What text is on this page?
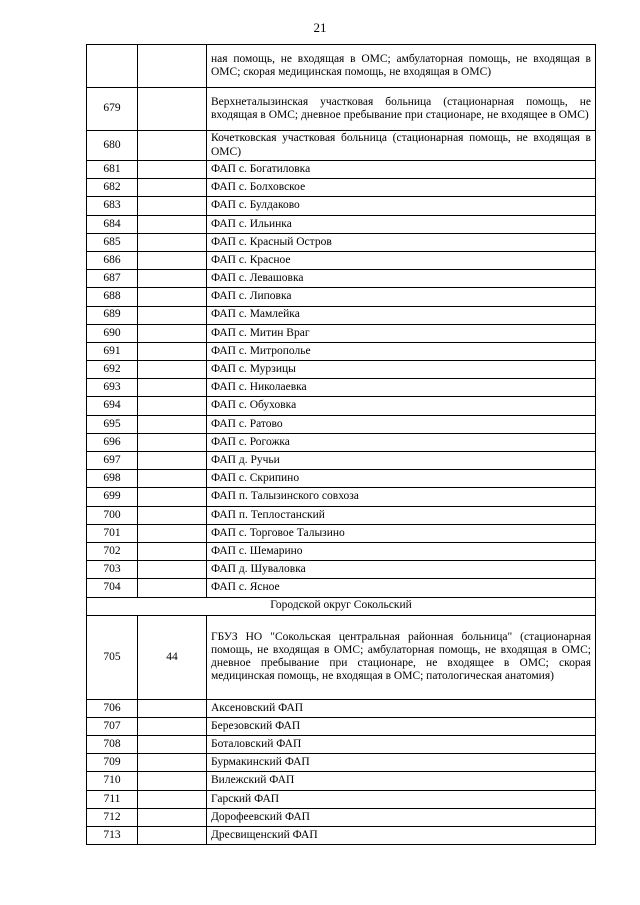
21
		ная помощь, не входящая в ОМС; амбулаторная помощь, не входящая в ОМС; скорая медицинская помощь, не входящая в ОМС)
679		Верхнеталызинская участковая больница (стационарная помощь, не входящая в ОМС; дневное пребывание при стационаре, не входящее в ОМС)
680		Кочетковская участковая больница (стационарная помощь, не входящая в ОМС)
681		ФАП с. Богатиловка
682		ФАП с. Болховское
683		ФАП с. Булдаково
684		ФАП с. Ильинка
685		ФАП с. Красный Остров
686		ФАП с. Красное
687		ФАП с. Левашовка
688		ФАП с. Липовка
689		ФАП с. Мамлейка
690		ФАП с. Митин Враг
691		ФАП с. Митрополье
692		ФАП с. Мурзицы
693		ФАП с. Николаевка
694		ФАП с. Обуховка
695		ФАП с. Ратово
696		ФАП с. Рогожка
697		ФАП д. Ручьи
698		ФАП с. Скрипино
699		ФАП п. Талызинского совхоза
700		ФАП п. Теплостанский
701		ФАП с. Торговое Талызино
702		ФАП с. Шемарино
703		ФАП д. Шуваловка
704		ФАП с. Ясное
Городской округ Сокольский		
705	44	ГБУЗ НО "Сокольская центральная районная больница" (стационарная помощь, не входящая в ОМС; амбулаторная помощь, не входящая в ОМС; дневное пребывание при стационаре, не входящее в ОМС; скорая медицинская помощь, не входящая в ОМС; патологическая анатомия)
706		Аксеновский ФАП
707		Березовский ФАП
708		Боталовский ФАП
709		Бурмакинский ФАП
710		Вилежский ФАП
711		Гарский ФАП
712		Дорофеевский ФАП
713		Дресвищенский ФАП
